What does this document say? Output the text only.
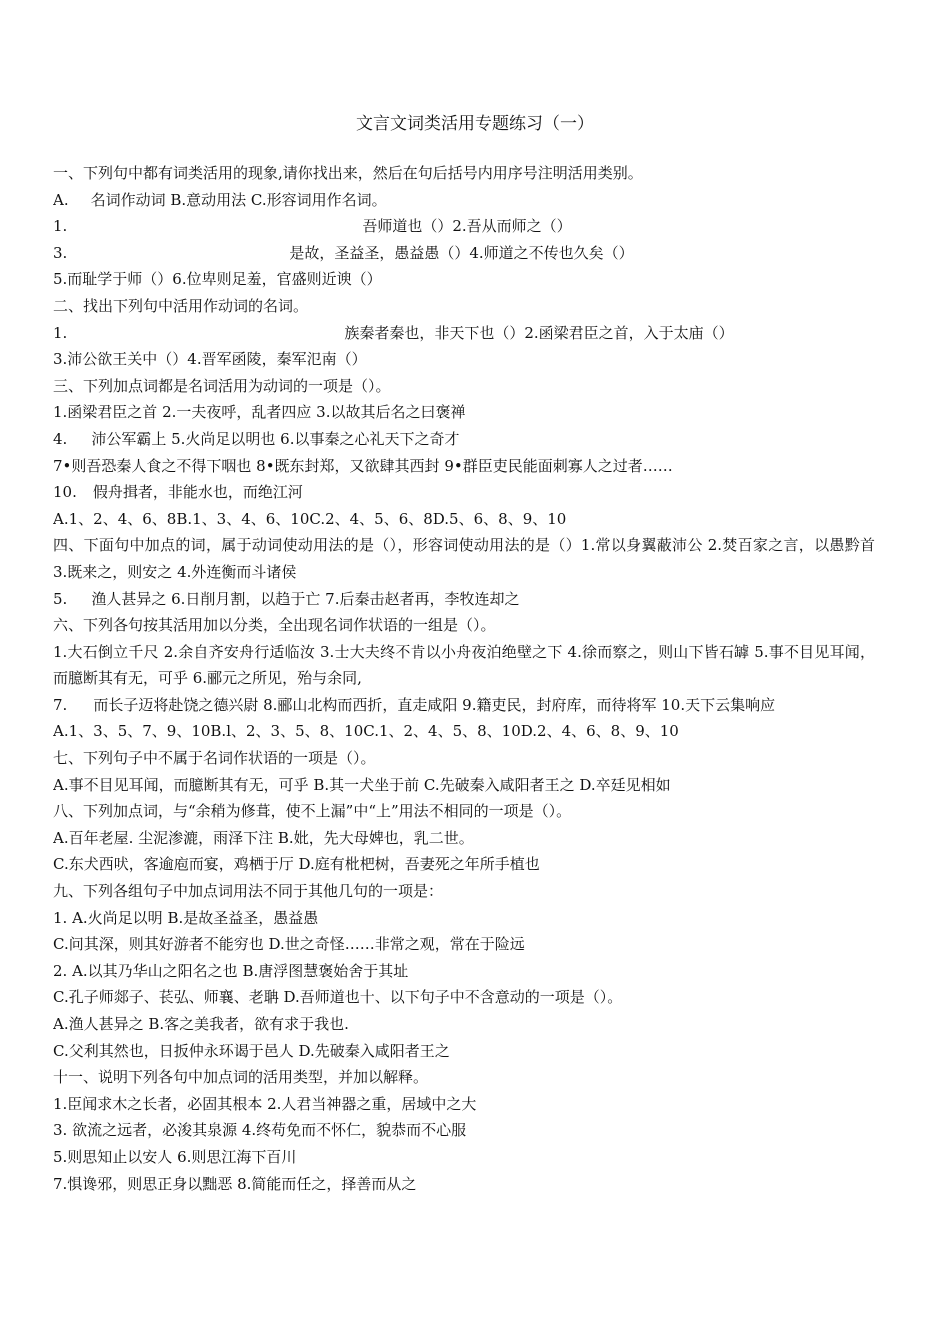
文言文词类活用专题练习（一）
一、下列句中都有词类活用的现象,请你找出来，然后在句后括号内用序号注明活用类别。
A. 名词作动词 B.意动用法 C.形容词用作名词。
1.	吾师道也（）2.吾从而师之（）
3.	是故，圣益圣，愚益愚（）4.师道之不传也久矣（）
5.而耻学于师（）6.位卑则足羞，官盛则近谀（）
二、找出下列句中活用作动词的名词。
1.	族秦者秦也，非天下也（）2.函梁君臣之首，入于太庙（）
3.沛公欲王关中（）4.晋军函陵，秦军氾南（）
三、下列加点词都是名词活用为动词的一项是（）。
1.函梁君臣之首 2.一夫夜呼，乱者四应 3.以故其后名之曰褒禅
4. 沛公军霸上 5.火尚足以明也 6.以事秦之心礼天下之奇才
7•则吾恐秦人食之不得下咽也 8•既东封郑，又欲肆其西封 9•群臣吏民能面刺寡人之过者……
10. 假舟揖者，非能水也，而绝江河
A.1、2、4、6、8B.1、3、4、6、10C.2、4、5、6、8D.5、6、8、9、10
四、下面句中加点的词，属于动词使动用法的是（），形容词使动用法的是（）1.常以身翼蔽沛公 2.焚百家之言，以愚黔首 3.既来之，则安之 4.外连衡而斗诸侯
5. 渔人甚异之 6.日削月割，以趋于亡 7.后秦击赵者再，李牧连却之
六、下列各句按其活用加以分类，全出现名词作状语的一组是（）。
1.大石倒立千尺 2.余自齐安舟行适临汝 3.士大夫终不肯以小舟夜泊绝壁之下 4.徐而察之，则山下皆石罅 5.事不目见耳闻，而臆断其有无，可乎 6.郦元之所见，殆与余同,
7. 而长子迈将赴饶之德兴尉 8.郦山北构而西折，直走咸阳 9.籍吏民，封府库，而待将军 10.天下云集响应
A.1、3、5、7、9、10B.l、2、3、5、8、10C.1、2、4、5、8、10D.2、4、6、8、9、10
七、下列句子中不属于名词作状语的一项是（）。
A.事不目见耳闻，而臆断其有无，可乎 B.其一犬坐于前 C.先破秦入咸阳者王之 D.卒廷见相如
八、下列加点词，与“余稍为修葺，使不上漏”中“上”用法不相同的一项是（）。
A.百年老屋. 尘泥渗漉，雨泽下注 B.妣，先大母婢也，乳二世。
C.东犬西吠，客逾庖而宴，鸡栖于厅 D.庭有枇杷树，吾妻死之年所手植也
九、下列各组句子中加点词用法不同于其他几句的一项是：
1. A.火尚足以明 B.是故圣益圣，愚益愚
C.问其深，则其好游者不能穷也 D.世之奇怪……非常之观，常在于险远
2. A.以其乃华山之阳名之也 B.唐浮图慧褒始舍于其址
C.孔子师郯子、苌弘、师襄、老聃 D.吾师道也十、以下句子中不含意动的一项是（）。
A.渔人甚异之 B.客之美我者，欲有求于我也.
C.父利其然也，日扳仲永环谒于邑人 D.先破秦入咸阳者王之
十一、说明下列各句中加点词的活用类型，并加以解释。
1.臣闻求木之长者，必固其根本 2.人君当神器之重，居域中之大
3. 欲流之远者，必浚其泉源 4.终苟免而不怀仁，貌恭而不心服
5.则思知止以安人 6.则思江海下百川
7.惧谗邪，则思正身以黜恶 8.简能而任之，择善而从之
